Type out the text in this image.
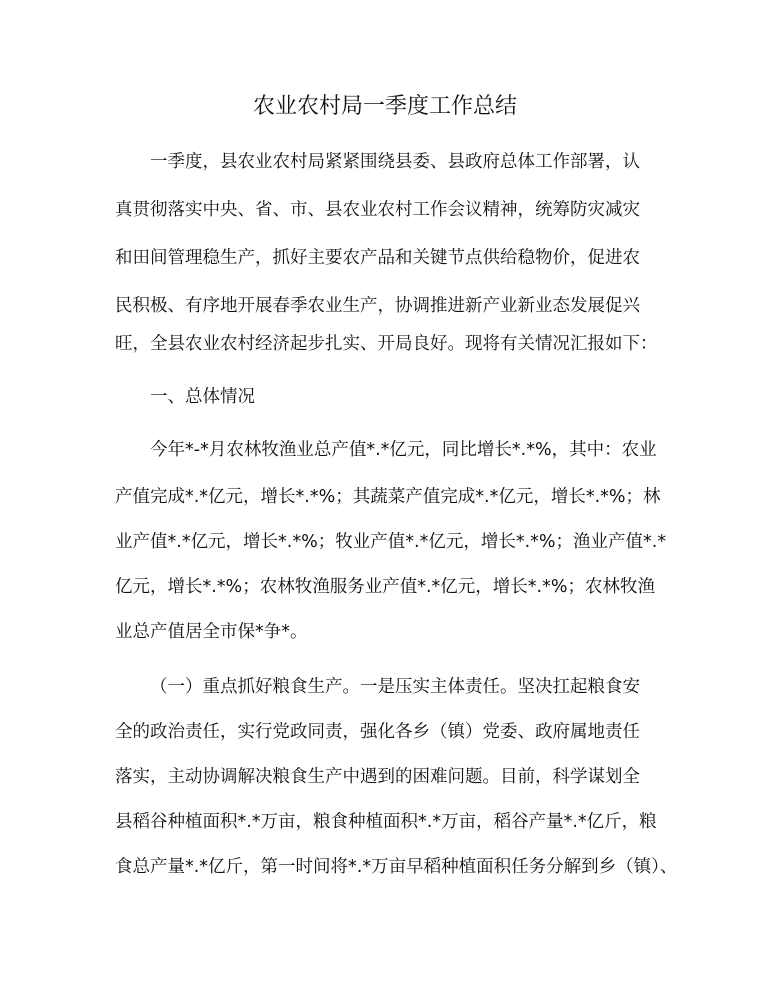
农业农村局一季度工作总结

一季度，县农业农村局紧紧围绕县委、县政府总体工作部署，认

真贯彻落实中央、省、市、县农业农村工作会议精神，统筹防灾减灾

和田间管理稳生产，抓好主要农产品和关键节点供给稳物价，促进农

民积极、有序地开展春季农业生产，协调推进新产业新业态发展促兴

旺，全县农业农村经济起步扎实、开局良好。现将有关情况汇报如下：

一、总体情况

今年*-*月农林牧渔业总产值*.*亿元，同比增长*.*%，其中：农业

产值完成*.*亿元，增长*.*%；其蔬菜产值完成*.*亿元，增长*.*%；林

业产值*.*亿元，增长*.*%；牧业产值*.*亿元，增长*.*%；渔业产值*.*

亿元，增长*.*%；农林牧渔服务业产值*.*亿元，增长*.*%；农林牧渔

业总产值居全市保*争*。

（一）重点抓好粮食生产。一是压实主体责任。坚决扛起粮食安

全的政治责任，实行党政同责，强化各乡（镇）党委、政府属地责任

落实，主动协调解决粮食生产中遇到的困难问题。目前，科学谋划全

县稻谷种植面积*.*万亩，粮食种植面积*.*万亩，稻谷产量*.*亿斤，粮

食总产量*.*亿斤，第一时间将*.*万亩早稻种植面积任务分解到乡（镇）、
